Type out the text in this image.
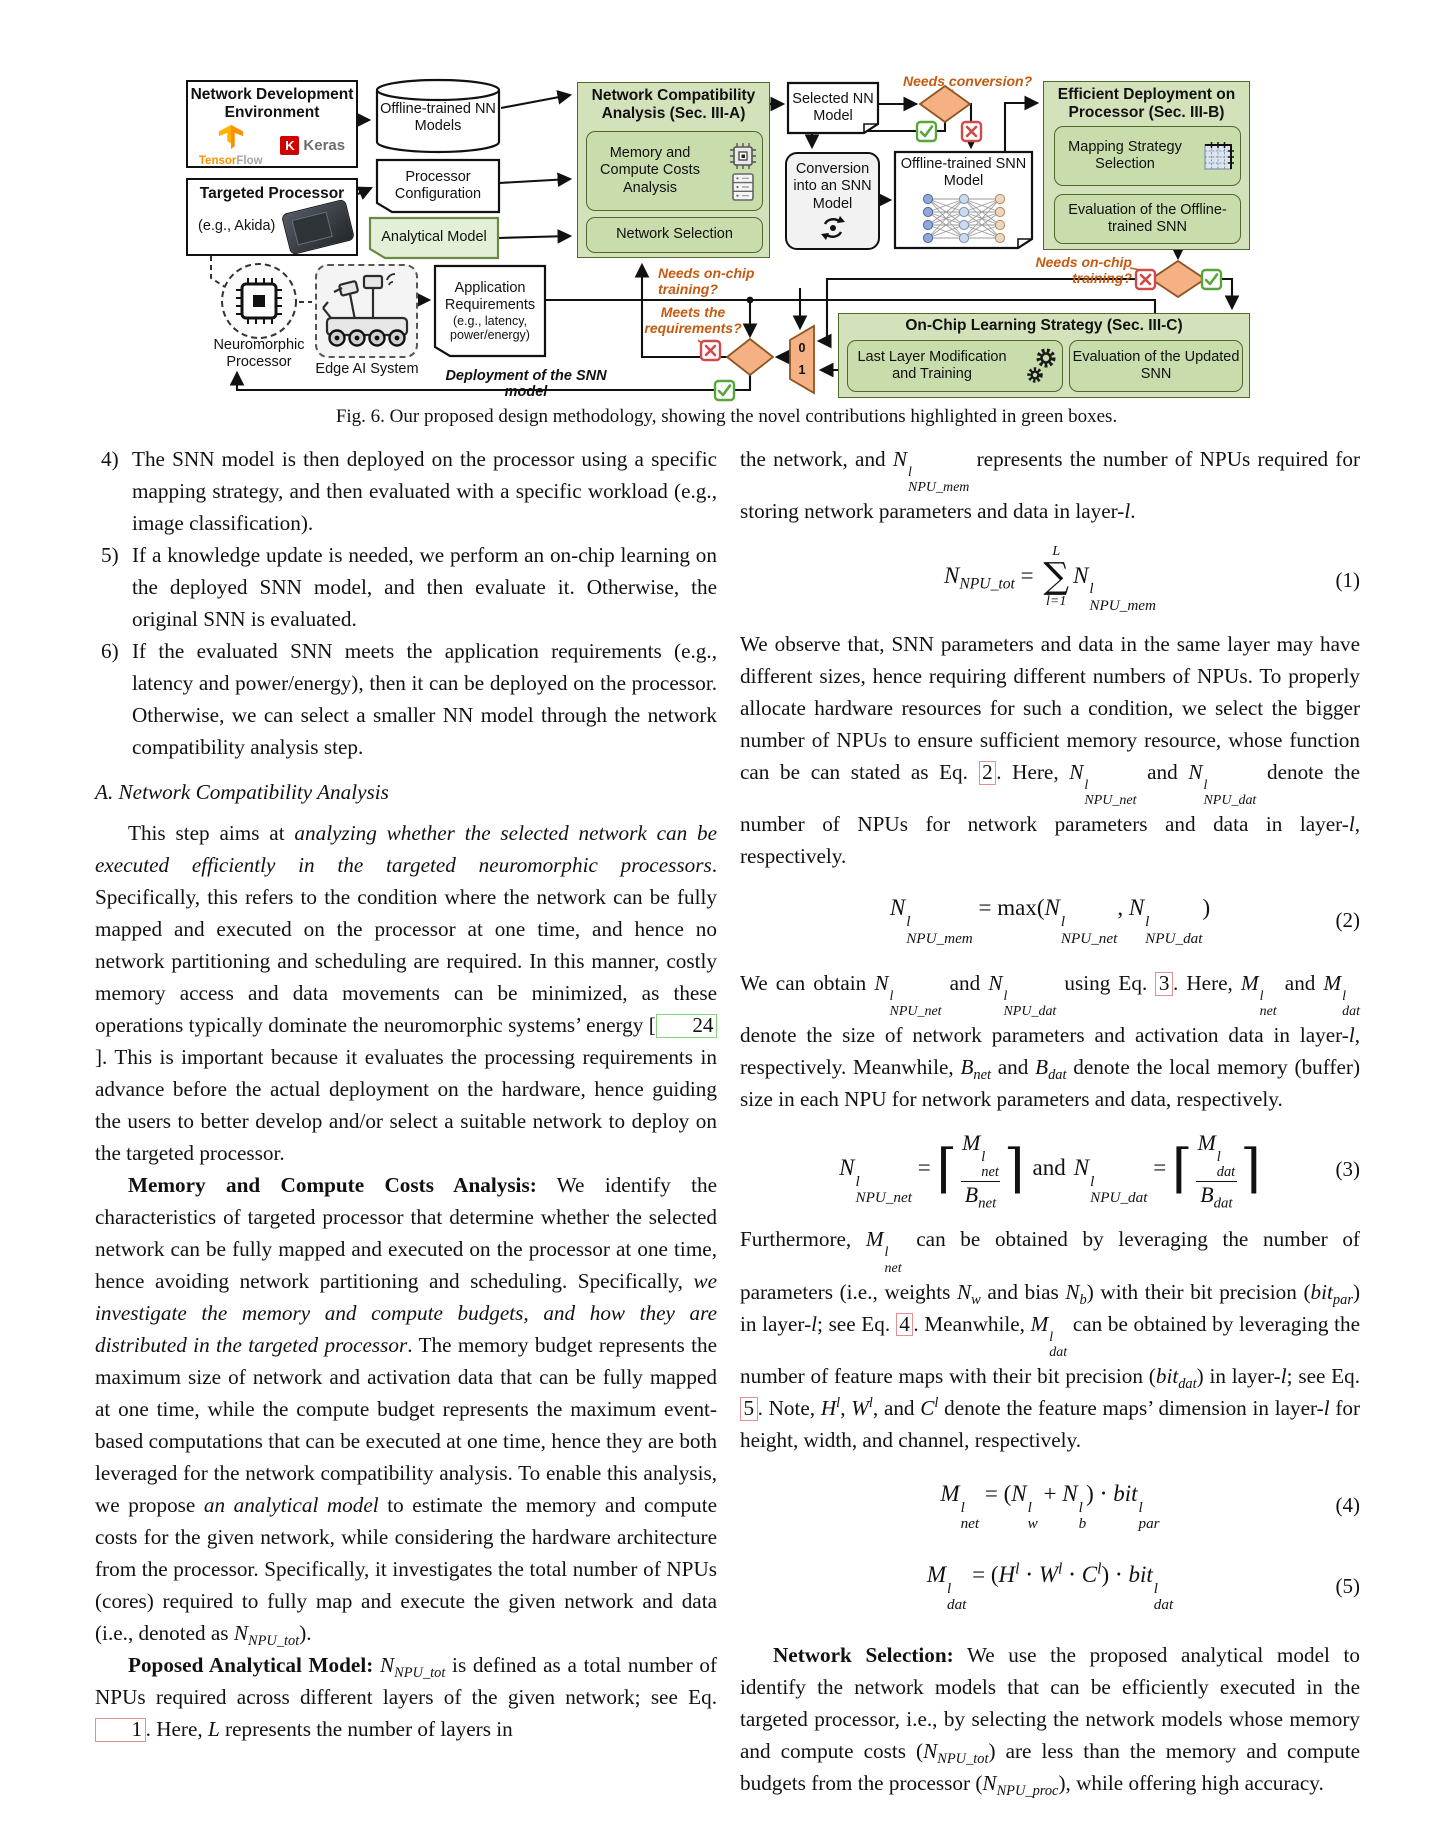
0
1
Network Development Environment
TensorFlow
K Keras
Targeted Processor
(e.g., Akida)
Offline-trained NN Models
Processor Configuration
Analytical Model
Network Compatibility Analysis (Sec. III-A)
Memory and Compute Costs Analysis
Network Selection
Selected NN Model
Conversion into an SNN Model
Offline-trained SNN Model
Efficient Deployment on Processor (Sec. III-B)
Mapping Strategy Selection
Evaluation of the Offline-trained SNN
On-Chip Learning Strategy (Sec. III-C)
Last Layer Modification and Training
Evaluation of the Updated SNN
Application Requirements
(e.g., latency,
power/energy)
Neuromorphic Processor	Edge AI System
Needs conversion?
Needs on-chip training?
Needs on-chip training?
Meets the requirements?
Deployment of the SNN model
Fig. 6. Our proposed design methodology, showing the novel contributions highlighted in green boxes.
4) The SNN model is then deployed on the processor using a specific mapping strategy, and then evaluated with a specific workload (e.g., image classification).
5) If a knowledge update is needed, we perform an on-chip learning on the deployed SNN model, and then evaluate it. Otherwise, the original SNN is evaluated.
6) If the evaluated SNN meets the application requirements (e.g., latency and power/energy), then it can be deployed on the processor. Otherwise, we can select a smaller NN model through the network compatibility analysis step.
A. Network Compatibility Analysis

This step aims at analyzing whether the selected network can be executed efficiently in the targeted neuromorphic processors. Specifically, this refers to the condition where the network can be fully mapped and executed on the processor at one time, and hence no network partitioning and scheduling are required. In this manner, costly memory access and data movements can be minimized, as these operations typically dominate the neuromorphic systems’ energy [ 24]. This is important because it evaluates the processing requirements in advance before the actual deployment on the hardware, hence guiding the users to better develop and/or select a suitable network to deploy on the targeted processor.

Memory and Compute Costs Analysis: We identify the characteristics of targeted processor that determine whether the selected network can be fully mapped and executed on the processor at one time, hence avoiding network partitioning and scheduling. Specifically, we investigate the memory and compute budgets, and how they are distributed in the targeted processor. The memory budget represents the maximum size of network and activation data that can be fully mapped at one time, while the compute budget represents the maximum event-based computations that can be executed at one time, hence they are both leveraged for the network compatibility analysis. To enable this analysis, we propose an analytical model to estimate the memory and compute costs for the given network, while considering the hardware architecture from the processor. Specifically, it investigates the total number of NPUs (cores) required to fully map and execute the given network and data (i.e., denoted as $N_{NPU\_tot}$).

Poposed Analytical Model: $N_{NPU\_tot}$ is defined as a total number of NPUs required across different layers of the given network; see Eq. 1 . Here, L represents the number of layers in

the network, and N
l
NPU_mem
represents the number of NPUs required for storing network parameters and data in layer-l.

$N_{NPU\_tot}$ =
L
∑
l=1
N
l
NPU_mem
(1)

We observe that, SNN parameters and data in the same layer may have different sizes, hence requiring different numbers of NPUs. To properly allocate hardware resources for such a condition, we select the bigger number of NPUs to ensure sufficient memory resource, whose function can be can stated as Eq. 2 . Here, N
l
NPU_net
and N
l
NPU_dat
denote the number of NPUs for network parameters and data in layer-l, respectively.

N
l
NPU_mem
= max(N
l
NPU_net
, N
l
NPU_dat
)	(2)

We can obtain N
l
NPU_net
and N
l
NPU_dat
using Eq. 3 . Here, M
l
net
and M
l
dat
denote the size of network parameters and activation data in layer-l, respectively. Meanwhile, $B_{net}$ and $B_{dat}$ denote the local memory (buffer) size in each NPU for network parameters and data, respectively.

N
l
NPU_net
= ⌈ M
l
net
$B_{net}$ ⌉ and N
l
NPU_dat
= ⌈ M
l
dat
$B_{dat}$ ⌉	(3)

Furthermore, M
l
net
can be obtained by leveraging the number of parameters (i.e., weights $N_w$ and bias $N_b$) with their bit precision (bit$_{par}$) in layer-l; see Eq. 4 . Meanwhile, M
l
dat
can be obtained by leveraging the number of feature maps with their bit precision (bit$_{dat}$) in layer-l; see Eq. 5 . Note, $H^l$, $W^l$, and $C^l$ denote the feature maps’ dimension in layer-l for height, width, and channel, respectively.

M
l
net
= (N
l
w
+ N
l
b
) ⋅ bit
l
par
(4)
M
l
dat
= $(H^l \cdot W^l \cdot C^l)$ ⋅ bit
l
dat
(5)

Network Selection: We use the proposed analytical model to identify the network models that can be efficiently executed in the targeted processor, i.e., by selecting the network models whose memory and compute costs $(N_{NPU\_tot})$ are less than the memory and compute budgets from the processor $(N_{NPU\_proc})$, while offering high accuracy.
